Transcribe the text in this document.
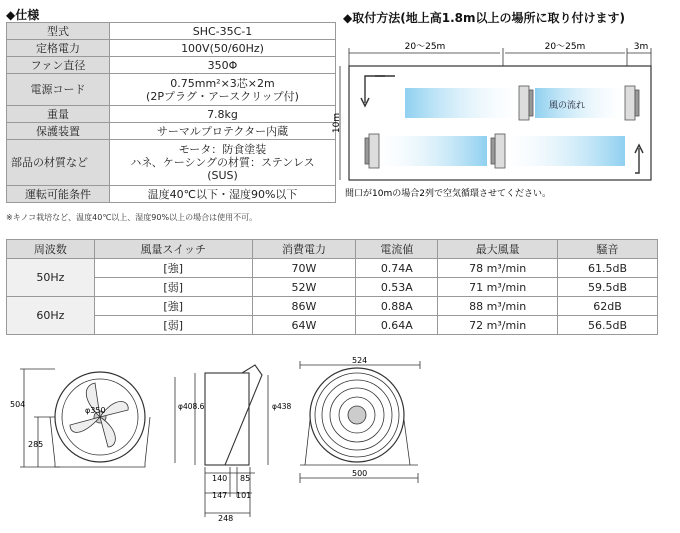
◆仕様
型式	SHC-35C-1
定格電力	100V(50/60Hz)
ファン直径	350Φ
電源コード	0.75mm²×3芯×2m
(2Pプラグ・アースクリップ付)

重量	7.8kg
保護装置	サーマルプロテクター内蔵
部品の材質など	モータ：防食塗装
ハネ、ケーシングの材質：ステンレス
(SUS)

運転可能条件	温度40℃以下・湿度90%以下
※キノコ栽培など、温度40℃以上、湿度90%以上の場合は使用不可。
◆取付方法(地上高1.8m以上の場所に取り付けます)
20～25m	20～25m	3m
10m
風の流れ
間口が10mの場合2列で空気循環させてください。
周波数	風量スイッチ	消費電力	電流値	最大風量	騒音
50Hz	[強]	70W	0.74A	78 m³/min	61.5dB
	[弱]	52W	0.53A	71 m³/min	59.5dB
60Hz	[強]	86W	0.88A	88 m³/min	62dB
	[弱]	64W	0.64A	72 m³/min	56.5dB
504
285
φ350	φ408.6	φ438
140 85
147 101
248
524
500
